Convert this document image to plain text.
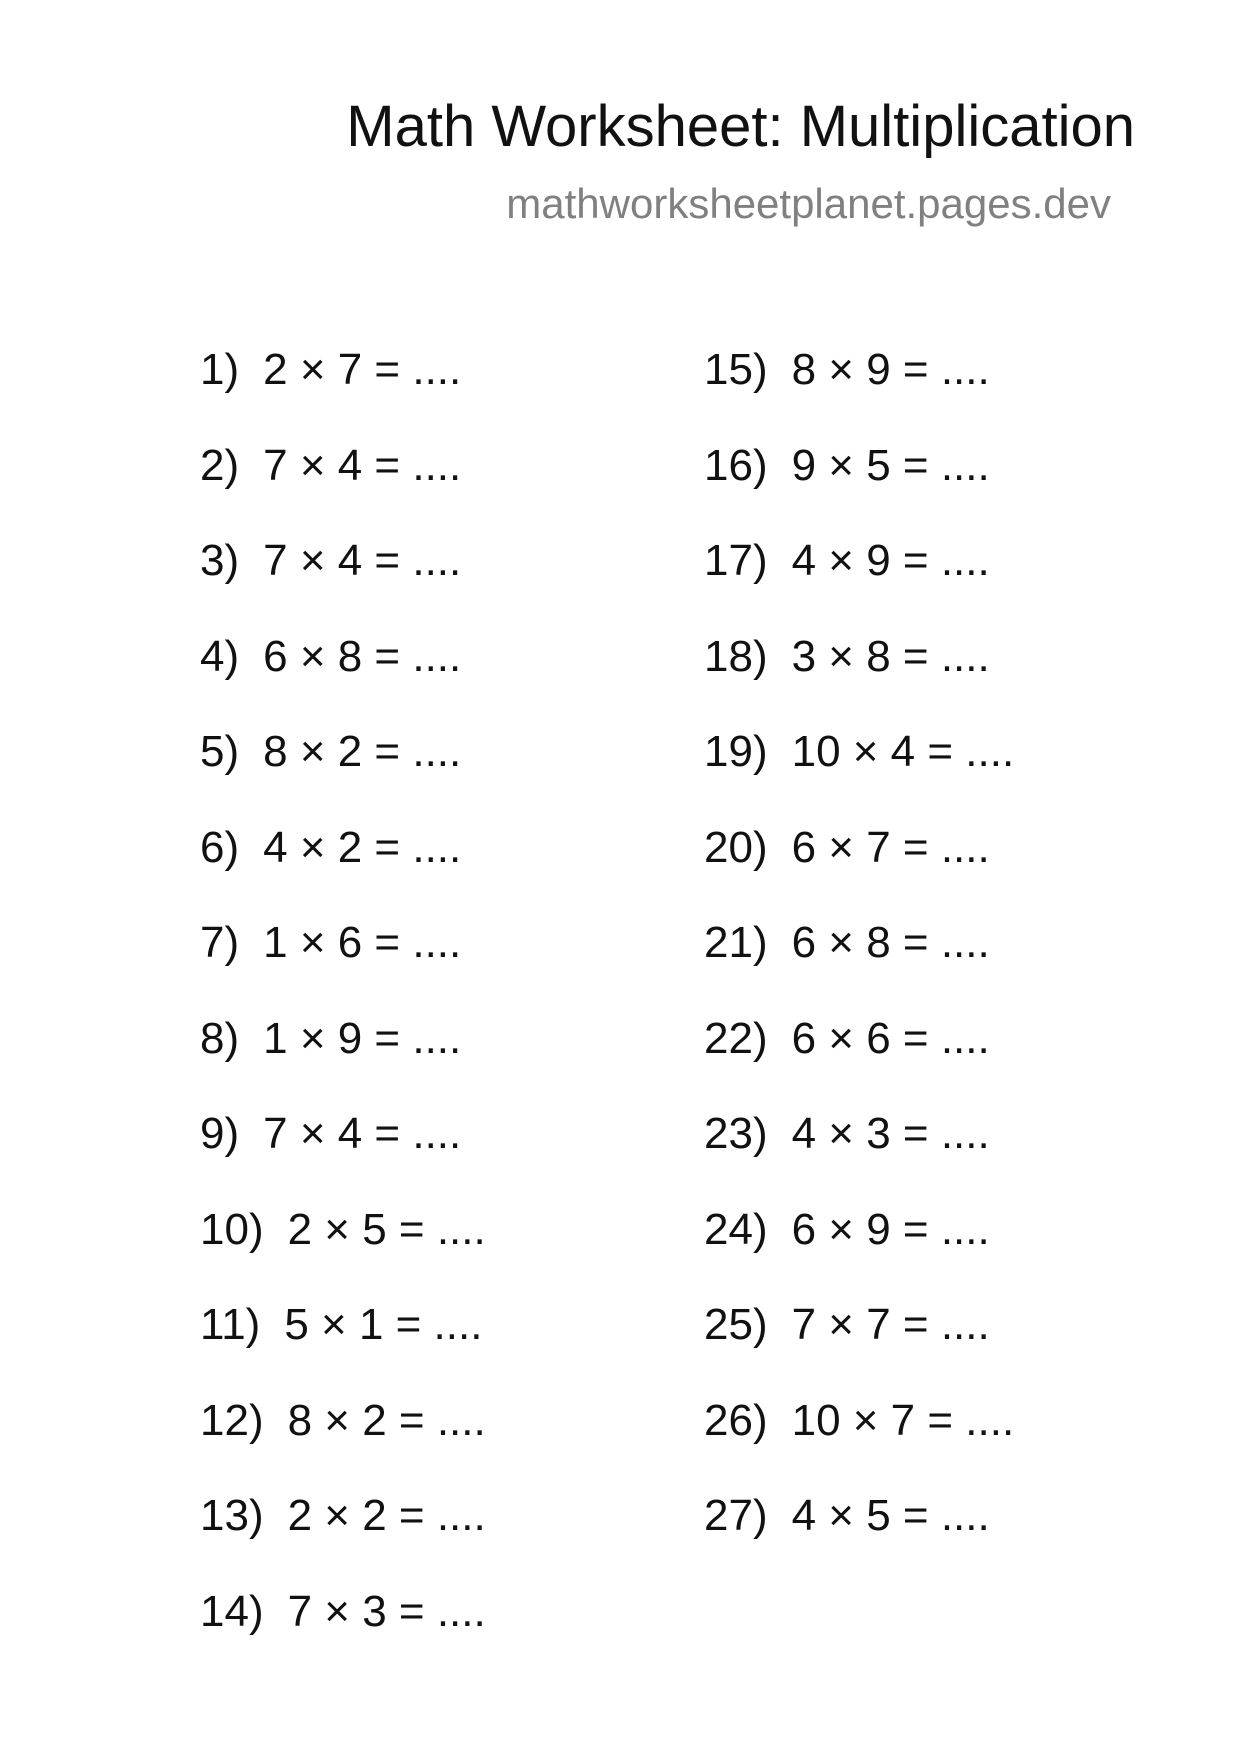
Math Worksheet: Multiplication
mathworksheetplanet.pages.dev
1) 2 × 7 = ....
2) 7 × 4 = ....
3) 7 × 4 = ....
4) 6 × 8 = ....
5) 8 × 2 = ....
6) 4 × 2 = ....
7) 1 × 6 = ....
8) 1 × 9 = ....
9) 7 × 4 = ....
10) 2 × 5 = ....
11) 5 × 1 = ....
12) 8 × 2 = ....
13) 2 × 2 = ....
14) 7 × 3 = ....
15) 8 × 9 = ....
16) 9 × 5 = ....
17) 4 × 9 = ....
18) 3 × 8 = ....
19) 10 × 4 = ....
20) 6 × 7 = ....
21) 6 × 8 = ....
22) 6 × 6 = ....
23) 4 × 3 = ....
24) 6 × 9 = ....
25) 7 × 7 = ....
26) 10 × 7 = ....
27) 4 × 5 = ....
